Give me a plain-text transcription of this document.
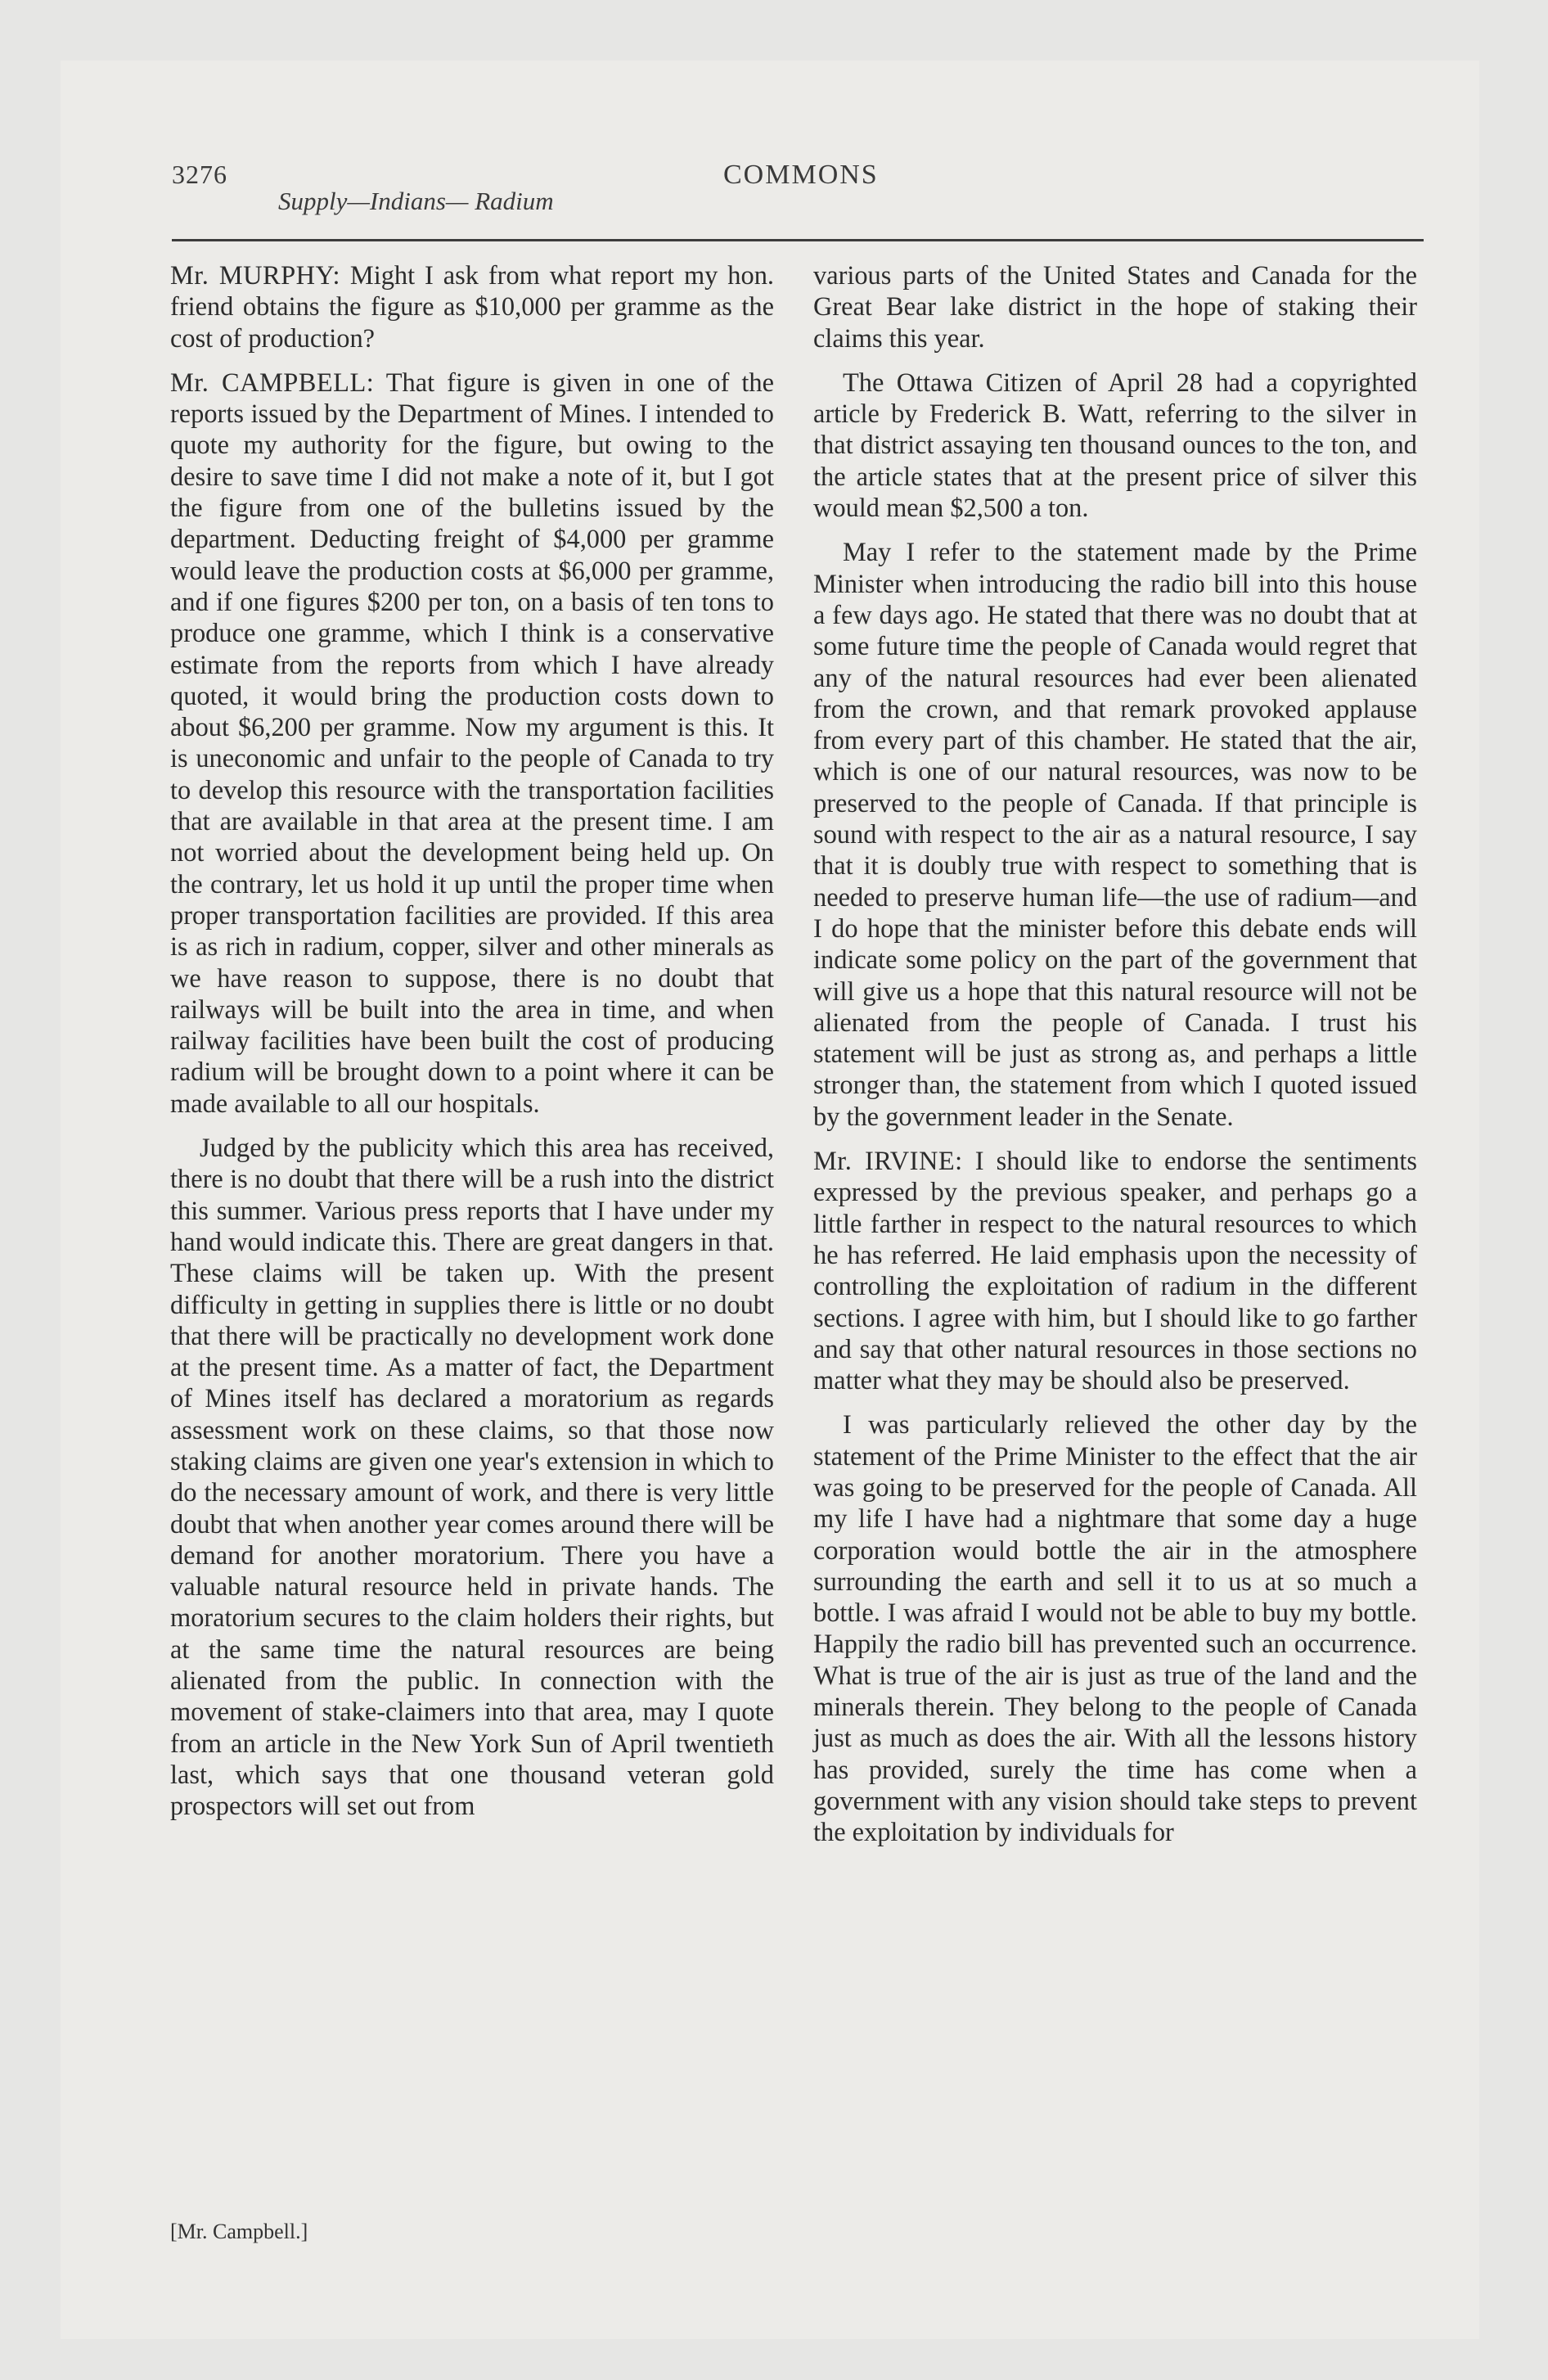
3276
Supply—Indians— Radium
COMMONS

Mr. MURPHY: Might I ask from what report my hon. friend obtains the figure as $10,000 per gramme as the cost of production?

Mr. CAMPBELL: That figure is given in one of the reports issued by the Department of Mines. I intended to quote my authority for the figure, but owing to the desire to save time I did not make a note of it, but I got the figure from one of the bulletins issued by the department. Deducting freight of $4,000 per gramme would leave the production costs at $6,000 per gramme, and if one figures $200 per ton, on a basis of ten tons to produce one gramme, which I think is a conservative estimate from the reports from which I have already quoted, it would bring the production costs down to about $6,200 per gramme. Now my argument is this. It is uneconomic and unfair to the people of Canada to try to develop this resource with the transportation facilities that are available in that area at the present time. I am not worried about the development being held up. On the contrary, let us hold it up until the proper time when proper transportation facilities are provided. If this area is as rich in radium, copper, silver and other minerals as we have reason to suppose, there is no doubt that railways will be built into the area in time, and when railway facilities have been built the cost of producing radium will be brought down to a point where it can be made available to all our hospitals.

Judged by the publicity which this area has received, there is no doubt that there will be a rush into the district this summer. Various press reports that I have under my hand would indicate this. There are great dangers in that. These claims will be taken up. With the present difficulty in getting in supplies there is little or no doubt that there will be practically no development work done at the present time. As a matter of fact, the Department of Mines itself has declared a moratorium as regards assessment work on these claims, so that those now staking claims are given one year's extension in which to do the necessary amount of work, and there is very little doubt that when another year comes around there will be demand for another moratorium. There you have a valuable natural resource held in private hands. The moratorium secures to the claim holders their rights, but at the same time the natural resources are being alienated from the public. In connection with the movement of stake-claimers into that area, may I quote from an article in the New York Sun of April twentieth last, which says that one thousand veteran gold prospectors will set out from

various parts of the United States and Canada for the Great Bear lake district in the hope of staking their claims this year.

The Ottawa Citizen of April 28 had a copyrighted article by Frederick B. Watt, referring to the silver in that district assaying ten thousand ounces to the ton, and the article states that at the present price of silver this would mean $2,500 a ton.

May I refer to the statement made by the Prime Minister when introducing the radio bill into this house a few days ago. He stated that there was no doubt that at some future time the people of Canada would regret that any of the natural resources had ever been alienated from the crown, and that remark provoked applause from every part of this chamber. He stated that the air, which is one of our natural resources, was now to be preserved to the people of Canada. If that principle is sound with respect to the air as a natural resource, I say that it is doubly true with respect to something that is needed to preserve human life—the use of radium—and I do hope that the minister before this debate ends will indicate some policy on the part of the government that will give us a hope that this natural resource will not be alienated from the people of Canada. I trust his statement will be just as strong as, and perhaps a little stronger than, the statement from which I quoted issued by the government leader in the Senate.

Mr. IRVINE: I should like to endorse the sentiments expressed by the previous speaker, and perhaps go a little farther in respect to the natural resources to which he has referred. He laid emphasis upon the necessity of controlling the exploitation of radium in the different sections. I agree with him, but I should like to go farther and say that other natural resources in those sections no matter what they may be should also be preserved.

I was particularly relieved the other day by the statement of the Prime Minister to the effect that the air was going to be preserved for the people of Canada. All my life I have had a nightmare that some day a huge corporation would bottle the air in the atmosphere surrounding the earth and sell it to us at so much a bottle. I was afraid I would not be able to buy my bottle. Happily the radio bill has prevented such an occurrence. What is true of the air is just as true of the land and the minerals therein. They belong to the people of Canada just as much as does the air. With all the lessons history has provided, surely the time has come when a government with any vision should take steps to prevent the exploitation by individuals for

[Mr. Campbell.]
